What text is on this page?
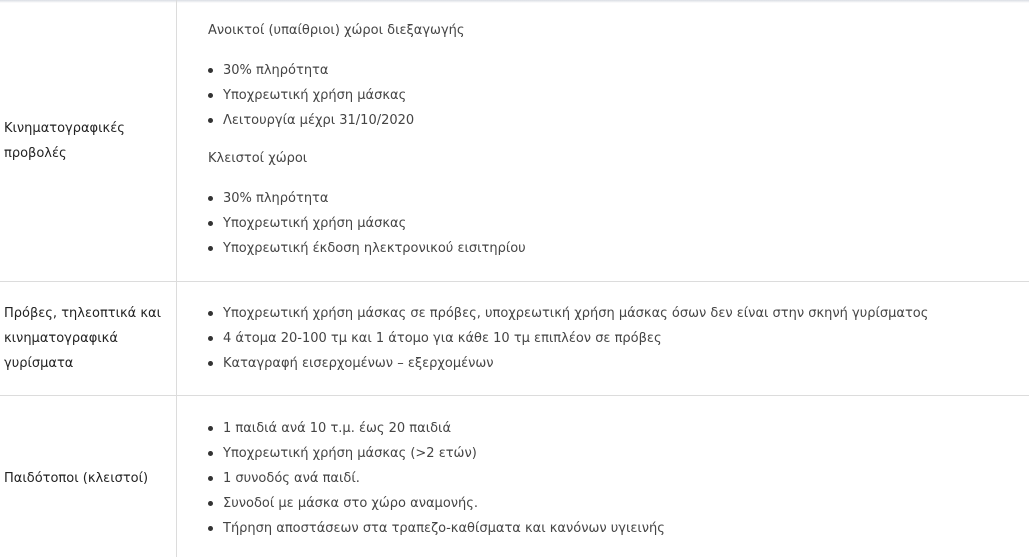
Κινηματογραφικές προβολές
Ανοικτοί (υπαίθριοι) χώροι διεξαγωγής
30% πληρότητα
Υποχρεωτική χρήση μάσκας
Λειτουργία μέχρι 31/10/2020
Κλειστοί χώροι
30% πληρότητα
Υποχρεωτική χρήση μάσκας
Υποχρεωτική έκδοση ηλεκτρονικού εισιτηρίου
Πρόβες, τηλεοπτικά και κινηματογραφικά γυρίσματα
Υποχρεωτική χρήση μάσκας σε πρόβες, υποχρεωτική χρήση μάσκας όσων δεν είναι στην σκηνή γυρίσματος
4 άτομα 20-100 τμ και 1 άτομο για κάθε 10 τμ επιπλέον σε πρόβες
Καταγραφή εισερχομένων – εξερχομένων
Παιδότοποι (κλειστοί)
1 παιδιά ανά 10 τ.μ. έως 20 παιδιά
Υποχρεωτική χρήση μάσκας (>2 ετών)
1 συνοδός ανά παιδί.
Συνοδοί με μάσκα στο χώρο αναμονής.
Τήρηση αποστάσεων στα τραπεζο-καθίσματα και κανόνων υγιεινής
